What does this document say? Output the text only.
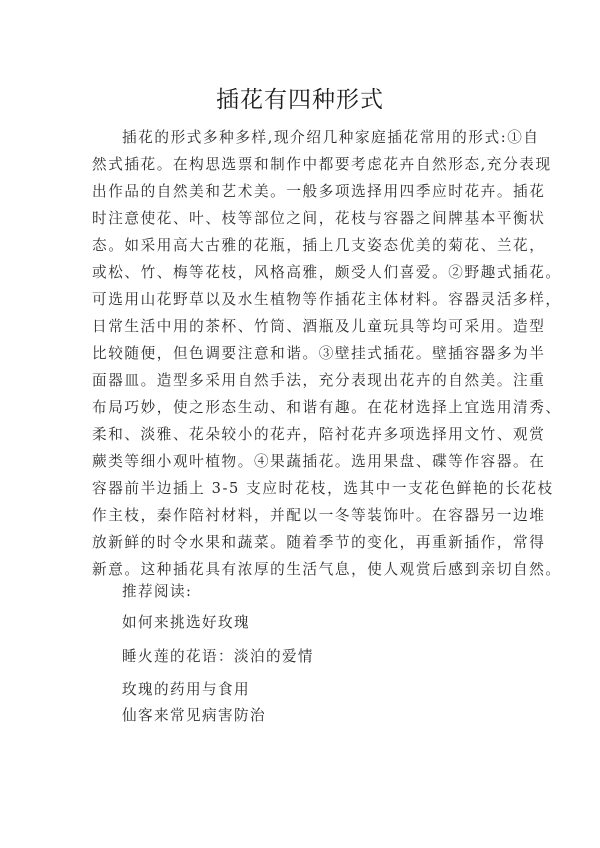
插花有四种形式
插花的形式多种多样,现介绍几种家庭插花常用的形式:①自
然式插花。在构思选票和制作中都要考虑花卉自然形态,充分表现
出作品的自然美和艺术美。一般多项选择用四季应时花卉。插花
时注意使花、叶、枝等部位之间，花枝与容器之间牌基本平衡状
态。如采用高大古雅的花瓶，插上几支姿态优美的菊花、兰花，
或松、竹、梅等花枝，风格高雅，颇受人们喜爱。②野趣式插花。
可选用山花野草以及水生植物等作插花主体材料。容器灵活多样，
日常生活中用的茶杯、竹筒、酒瓶及儿童玩具等均可采用。造型
比较随便，但色调要注意和谐。③壁挂式插花。壁插容器多为半
面器皿。造型多采用自然手法，充分表现出花卉的自然美。注重
布局巧妙，使之形态生动、和谐有趣。在花材选择上宜选用清秀、
柔和、淡雅、花朵较小的花卉，陪衬花卉多项选择用文竹、观赏
蕨类等细小观叶植物。④果蔬插花。选用果盘、碟等作容器。在
容器前半边插上 3-5 支应时花枝，选其中一支花色鲜艳的长花枝
作主枝，秦作陪衬材料，并配以一冬等装饰叶。在容器另一边堆
放新鲜的时令水果和蔬菜。随着季节的变化，再重新插作，常得
新意。这种插花具有浓厚的生活气息，使人观赏后感到亲切自然。
推荐阅读:
如何来挑选好玫瑰
睡火莲的花语：淡泊的爱情
玫瑰的药用与食用
仙客来常见病害防治
